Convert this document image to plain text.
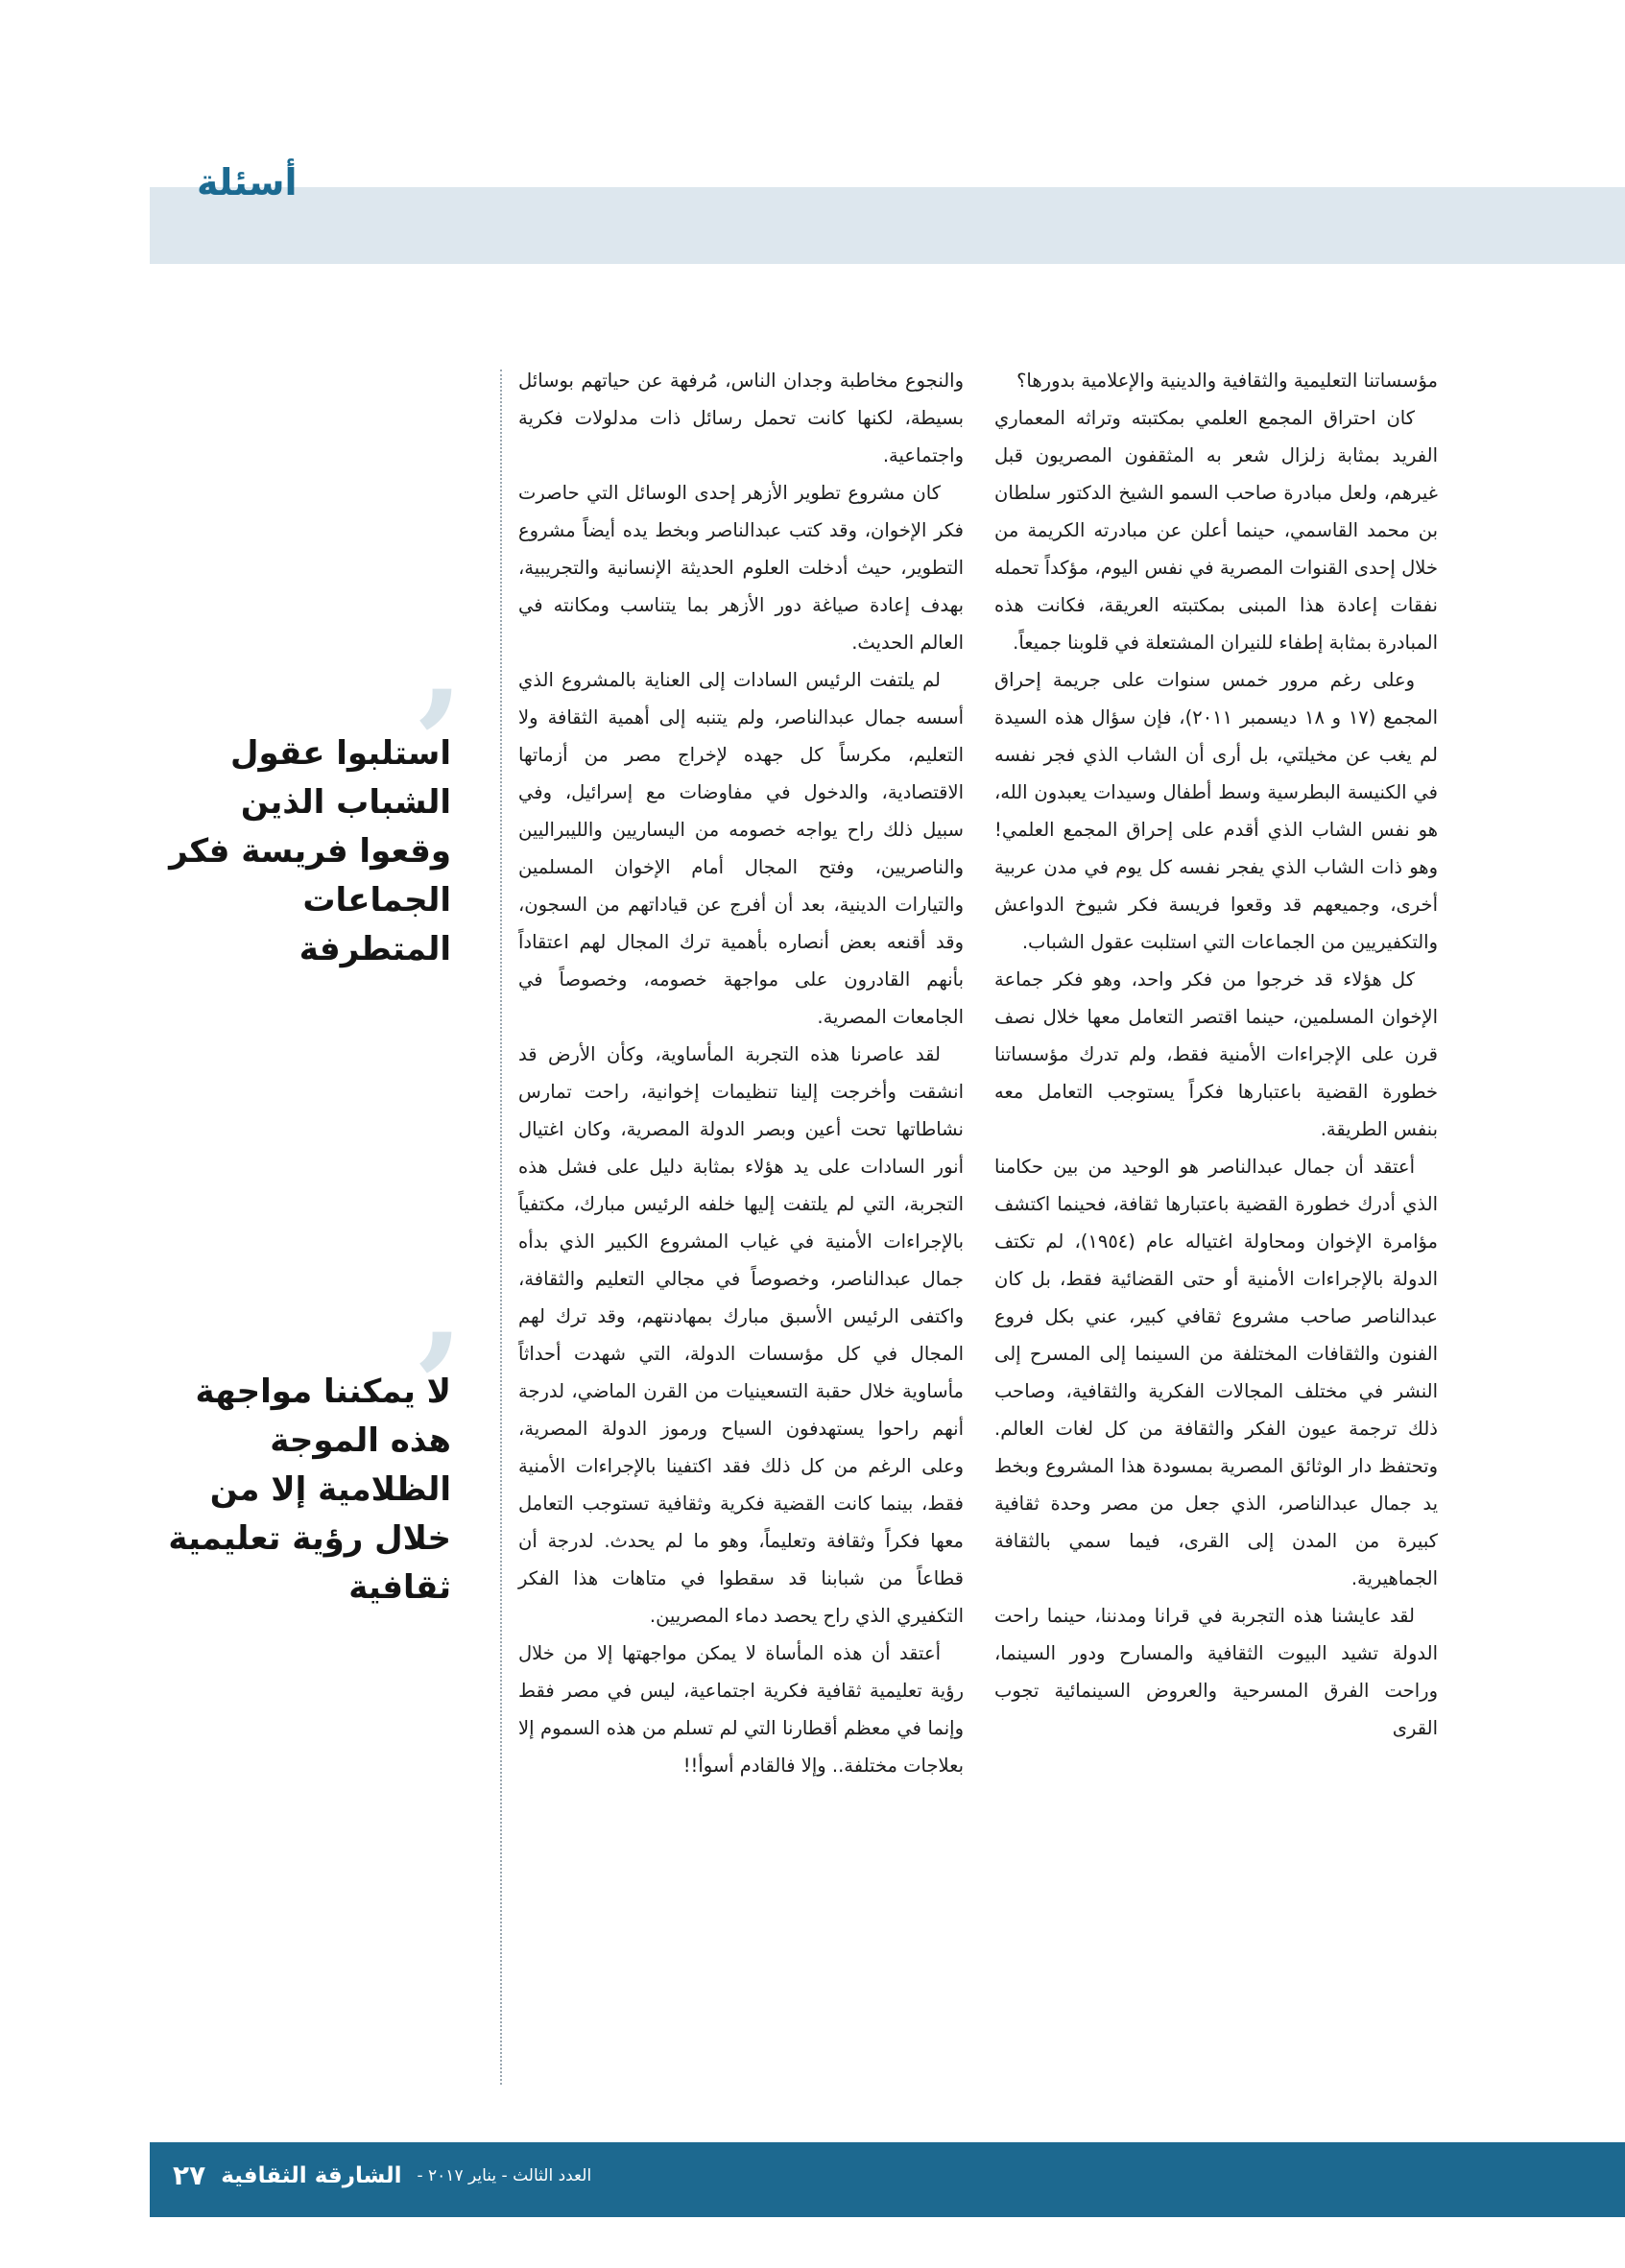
أسئلة

مؤسساتنا التعليمية والثقافية والدينية والإعلامية بدورها؟

كان احتراق المجمع العلمي بمكتبته وتراثه المعماري الفريد بمثابة زلزال شعر به المثقفون المصريون قبل غيرهم، ولعل مبادرة صاحب السمو الشيخ الدكتور سلطان بن محمد القاسمي، حينما أعلن عن مبادرته الكريمة من خلال إحدى القنوات المصرية في نفس اليوم، مؤكداً تحمله نفقات إعادة هذا المبنى بمكتبته العريقة، فكانت هذه المبادرة بمثابة إطفاء للنيران المشتعلة في قلوبنا جميعاً.

وعلى رغم مرور خمس سنوات على جريمة إحراق المجمع (١٧ و ١٨ ديسمبر ٢٠١١)، فإن سؤال هذه السيدة لم يغب عن مخيلتي، بل أرى أن الشاب الذي فجر نفسه في الكنيسة البطرسية وسط أطفال وسيدات يعبدون الله، هو نفس الشاب الذي أقدم على إحراق المجمع العلمي! وهو ذات الشاب الذي يفجر نفسه كل يوم في مدن عربية أخرى، وجميعهم قد وقعوا فريسة فكر شيوخ الدواعش والتكفيريين من الجماعات التي استلبت عقول الشباب.

كل هؤلاء قد خرجوا من فكر واحد، وهو فكر جماعة الإخوان المسلمين، حينما اقتصر التعامل معها خلال نصف قرن على الإجراءات الأمنية فقط، ولم تدرك مؤسساتنا خطورة القضية باعتبارها فكراً يستوجب التعامل معه بنفس الطريقة.

أعتقد أن جمال عبدالناصر هو الوحيد من بين حكامنا الذي أدرك خطورة القضية باعتبارها ثقافة، فحينما اكتشف مؤامرة الإخوان ومحاولة اغتياله عام (١٩٥٤)، لم تكتف الدولة بالإجراءات الأمنية أو حتى القضائية فقط، بل كان عبدالناصر صاحب مشروع ثقافي كبير، عني بكل فروع الفنون والثقافات المختلفة من السينما إلى المسرح إلى النشر في مختلف المجالات الفكرية والثقافية، وصاحب ذلك ترجمة عيون الفكر والثقافة من كل لغات العالم. وتحتفظ دار الوثائق المصرية بمسودة هذا المشروع وبخط يد جمال عبدالناصر، الذي جعل من مصر وحدة ثقافية كبيرة من المدن إلى القرى، فيما سمي بالثقافة الجماهيرية.

لقد عايشنا هذه التجربة في قرانا ومدننا، حينما راحت الدولة تشيد البيوت الثقافية والمسارح ودور السينما، وراحت الفرق المسرحية والعروض السينمائية تجوب القرى

والنجوع مخاطبة وجدان الناس، مُرفهة عن حياتهم بوسائل بسيطة، لكنها كانت تحمل رسائل ذات مدلولات فكرية واجتماعية.

كان مشروع تطوير الأزهر إحدى الوسائل التي حاصرت فكر الإخوان، وقد كتب عبدالناصر وبخط يده أيضاً مشروع التطوير، حيث أدخلت العلوم الحديثة الإنسانية والتجريبية، بهدف إعادة صياغة دور الأزهر بما يتناسب ومكانته في العالم الحديث.

لم يلتفت الرئيس السادات إلى العناية بالمشروع الذي أسسه جمال عبدالناصر، ولم يتنبه إلى أهمية الثقافة ولا التعليم، مكرساً كل جهده لإخراج مصر من أزماتها الاقتصادية، والدخول في مفاوضات مع إسرائيل، وفي سبيل ذلك راح يواجه خصومه من اليساريين والليبراليين والناصريين، وفتح المجال أمام الإخوان المسلمين والتيارات الدينية، بعد أن أفرج عن قياداتهم من السجون، وقد أقنعه بعض أنصاره بأهمية ترك المجال لهم اعتقاداً بأنهم القادرون على مواجهة خصومه، وخصوصاً في الجامعات المصرية.

لقد عاصرنا هذه التجربة المأساوية، وكأن الأرض قد انشقت وأخرجت إلينا تنظيمات إخوانية، راحت تمارس نشاطاتها تحت أعين وبصر الدولة المصرية، وكان اغتيال أنور السادات على يد هؤلاء بمثابة دليل على فشل هذه التجربة، التي لم يلتفت إليها خلفه الرئيس مبارك، مكتفياً بالإجراءات الأمنية في غياب المشروع الكبير الذي بدأه جمال عبدالناصر، وخصوصاً في مجالي التعليم والثقافة، واكتفى الرئيس الأسبق مبارك بمهادنتهم، وقد ترك لهم المجال في كل مؤسسات الدولة، التي شهدت أحداثاً مأساوية خلال حقبة التسعينيات من القرن الماضي، لدرجة أنهم راحوا يستهدفون السياح ورموز الدولة المصرية، وعلى الرغم من كل ذلك فقد اكتفينا بالإجراءات الأمنية فقط، بينما كانت القضية فكرية وثقافية تستوجب التعامل معها فكراً وثقافة وتعليماً، وهو ما لم يحدث. لدرجة أن قطاعاً من شبابنا قد سقطوا في متاهات هذا الفكر التكفيري الذي راح يحصد دماء المصريين.

أعتقد أن هذه المأساة لا يمكن مواجهتها إلا من خلال رؤية تعليمية ثقافية فكرية اجتماعية، ليس في مصر فقط وإنما في معظم أقطارنا التي لم تسلم من هذه السموم إلا بعلاجات مختلفة.. وإلا فالقادم أسوأ!!

’
استلبوا عقول الشباب الذين وقعوا فريسة فكر الجماعات المتطرفة
’
لا يمكننا مواجهة هذه الموجة الظلامية إلا من خلال رؤية تعليمية ثقافية
العدد الثالث - يناير ٢٠١٧ -
الشارقة الثقافية
٢٧
